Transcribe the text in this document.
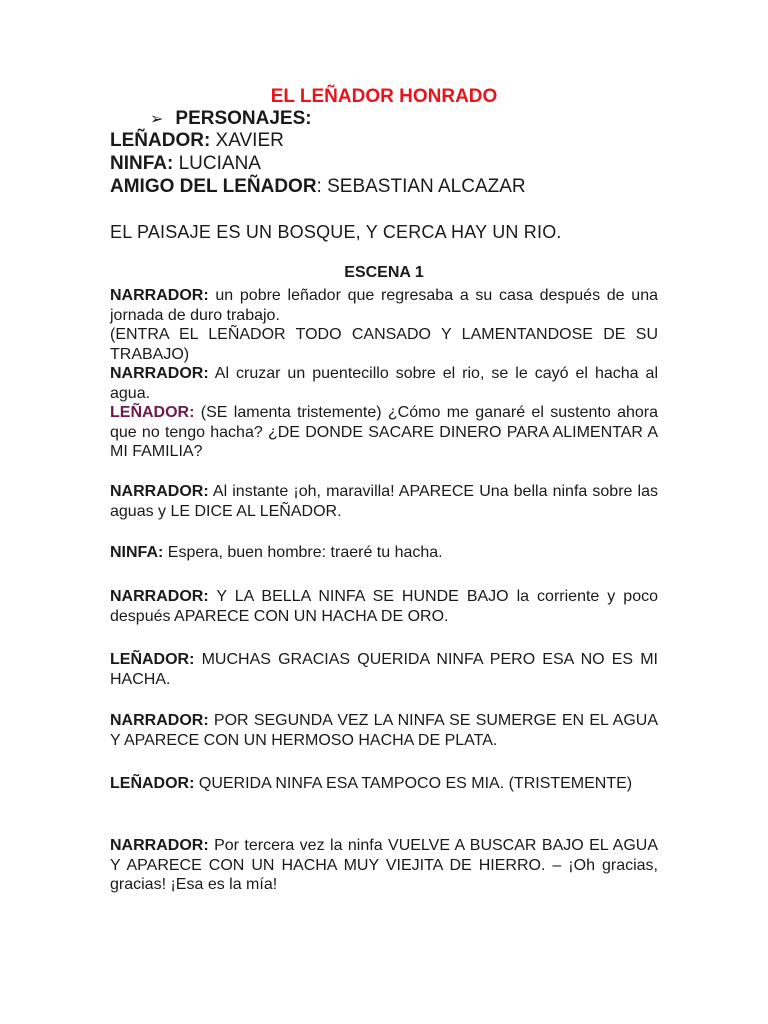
EL LEÑADOR HONRADO
➢ PERSONAJES:
LEÑADOR: XAVIER
NINFA: LUCIANA
AMIGO DEL LEÑADOR: SEBASTIAN ALCAZAR
EL PAISAJE ES UN BOSQUE, Y CERCA HAY UN RIO.
ESCENA 1

NARRADOR: un pobre leñador que regresaba a su casa después de una jornada de duro trabajo.

(ENTRA EL LEÑADOR TODO CANSADO Y LAMENTANDOSE DE SU TRABAJO)

NARRADOR: Al cruzar un puentecillo sobre el rio, se le cayó el hacha al agua.

LEÑADOR: (SE lamenta tristemente) ¿Cómo me ganaré el sustento ahora que no tengo hacha? ¿DE DONDE SACARE DINERO PARA ALIMENTAR A MI FAMILIA?

NARRADOR: Al instante ¡oh, maravilla! APARECE Una bella ninfa sobre las aguas y LE DICE AL LEÑADOR.

NINFA: Espera, buen hombre: traeré tu hacha.

NARRADOR: Y LA BELLA NINFA SE HUNDE BAJO la corriente y poco después APARECE CON UN HACHA DE ORO.

LEÑADOR: MUCHAS GRACIAS QUERIDA NINFA PERO ESA NO ES MI HACHA.

NARRADOR: POR SEGUNDA VEZ LA NINFA SE SUMERGE EN EL AGUA Y APARECE CON UN HERMOSO HACHA DE PLATA.

LEÑADOR: QUERIDA NINFA ESA TAMPOCO ES MIA. (TRISTEMENTE)

NARRADOR: Por tercera vez la ninfa VUELVE A BUSCAR BAJO EL AGUA Y APARECE CON UN HACHA MUY VIEJITA DE HIERRO. – ¡Oh gracias, gracias! ¡Esa es la mía!
